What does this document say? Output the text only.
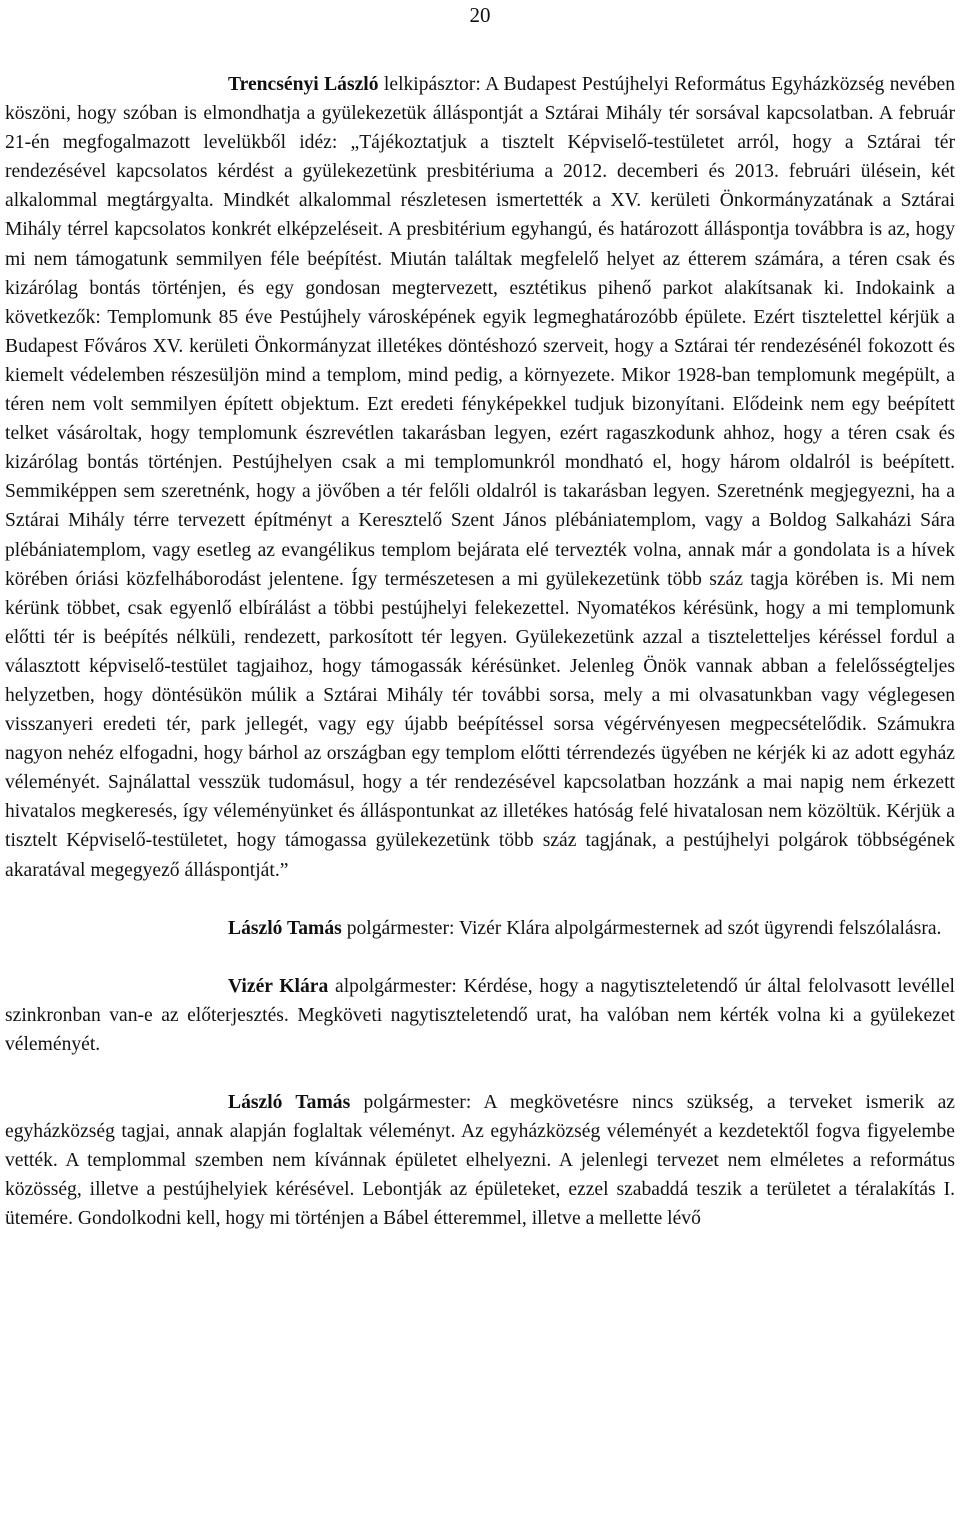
20

Trencsényi László lelkipásztor: A Budapest Pestújhelyi Református Egyházközség nevében köszöni, hogy szóban is elmondhatja a gyülekezetük álláspontját a Sztárai Mihály tér sorsával kapcsolatban. A február 21-én megfogalmazott levelükből idéz: „Tájékoztatjuk a tisztelt Képviselő-testületet arról, hogy a Sztárai tér rendezésével kapcsolatos kérdést a gyülekezetünk presbitériuma a 2012. decemberi és 2013. februári ülésein, két alkalommal megtárgyalta. Mindkét alkalommal részletesen ismertették a XV. kerületi Önkormányzatának a Sztárai Mihály térrel kapcsolatos konkrét elképzeléseit. A presbitérium egyhangú, és határozott álláspontja továbbra is az, hogy mi nem támogatunk semmilyen féle beépítést. Miután találtak megfelelő helyet az étterem számára, a téren csak és kizárólag bontás történjen, és egy gondosan megtervezett, esztétikus pihenő parkot alakítsanak ki. Indokaink a következők: Templomunk 85 éve Pestújhely városképének egyik legmeghatározóbb épülete. Ezért tisztelettel kérjük a Budapest Főváros XV. kerületi Önkormányzat illetékes döntéshozó szerveit, hogy a Sztárai tér rendezésénél fokozott és kiemelt védelemben részesüljön mind a templom, mind pedig, a környezete. Mikor 1928-ban templomunk megépült, a téren nem volt semmilyen épített objektum. Ezt eredeti fényképekkel tudjuk bizonyítani. Elődeink nem egy beépített telket vásároltak, hogy templomunk észrevétlen takarásban legyen, ezért ragaszkodunk ahhoz, hogy a téren csak és kizárólag bontás történjen. Pestújhelyen csak a mi templomunkról mondható el, hogy három oldalról is beépített. Semmiképpen sem szeretnénk, hogy a jövőben a tér felőli oldalról is takarásban legyen. Szeretnénk megjegyezni, ha a Sztárai Mihály térre tervezett építményt a Keresztelő Szent János plébániatemplom, vagy a Boldog Salkaházi Sára plébániatemplom, vagy esetleg az evangélikus templom bejárata elé tervezték volna, annak már a gondolata is a hívek körében óriási közfelháborodást jelentene. Így természetesen a mi gyülekezetünk több száz tagja körében is. Mi nem kérünk többet, csak egyenlő elbírálást a többi pestújhelyi felekezettel. Nyomatékos kérésünk, hogy a mi templomunk előtti tér is beépítés nélküli, rendezett, parkosított tér legyen. Gyülekezetünk azzal a tiszteletteljes kéréssel fordul a választott képviselő-testület tagjaihoz, hogy támogassák kérésünket. Jelenleg Önök vannak abban a felelősségteljes helyzetben, hogy döntésükön múlik a Sztárai Mihály tér további sorsa, mely a mi olvasatunkban vagy véglegesen visszanyeri eredeti tér, park jellegét, vagy egy újabb beépítéssel sorsa végérvényesen megpecsételődik. Számukra nagyon nehéz elfogadni, hogy bárhol az országban egy templom előtti térrendezés ügyében ne kérjék ki az adott egyház véleményét. Sajnálattal vesszük tudomásul, hogy a tér rendezésével kapcsolatban hozzánk a mai napig nem érkezett hivatalos megkeresés, így véleményünket és álláspontunkat az illetékes hatóság felé hivatalosan nem közöltük. Kérjük a tisztelt Képviselő-testületet, hogy támogassa gyülekezetünk több száz tagjának, a pestújhelyi polgárok többségének akaratával megegyező álláspontját.”

László Tamás polgármester: Vizér Klára alpolgármesternek ad szót ügyrendi felszólalásra.

Vizér Klára alpolgármester: Kérdése, hogy a nagytiszteletendő úr által felolvasott levéllel szinkronban van-e az előterjesztés. Megköveti nagytiszteletendő urat, ha valóban nem kérték volna ki a gyülekezet véleményét.

László Tamás polgármester: A megkövetésre nincs szükség, a terveket ismerik az egyházközség tagjai, annak alapján foglaltak véleményt. Az egyházközség véleményét a kezdetektől fogva figyelembe vették. A templommal szemben nem kívánnak épületet elhelyezni. A jelenlegi tervezet nem elméletes a református közösség, illetve a pestújhelyiek kérésével. Lebontják az épületeket, ezzel szabaddá teszik a területet a téralakítás I. ütemére. Gondolkodni kell, hogy mi történjen a Bábel étteremmel, illetve a mellette lévő
